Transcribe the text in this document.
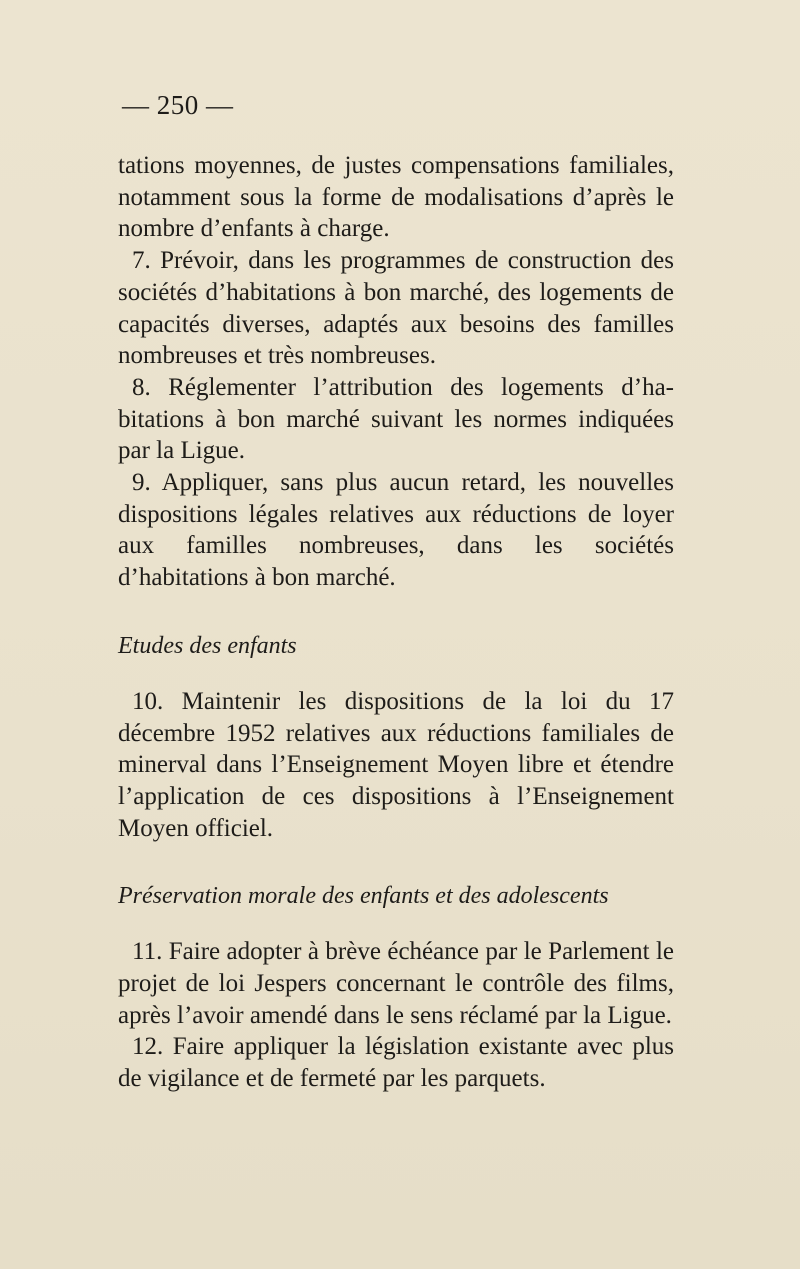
— 250 —

tations moyennes, de justes compensations familiales, notamment sous la forme de modalisations d’après le nombre d’enfants à charge.

7. Prévoir, dans les programmes de construction des sociétés d’habitations à bon marché, des logements de capacités diverses, adaptés aux besoins des familles nombreuses et très nombreuses.

8. Réglementer l’attribution des logements d’habitations à bon marché suivant les normes indiquées par la Ligue.

9. Appliquer, sans plus aucun retard, les nouvelles dispositions légales relatives aux réductions de loyer aux familles nombreuses, dans les sociétés d’habitations à bon marché.

Etudes des enfants

10. Maintenir les dispositions de la loi du 17 décembre 1952 relatives aux réductions familiales de minerval dans l’Enseignement Moyen libre et étendre l’application de ces dispositions à l’Enseignement Moyen officiel.

Préservation morale des enfants et des adolescents

11. Faire adopter à brève échéance par le Parlement le projet de loi Jespers concernant le contrôle des films, après l’avoir amendé dans le sens réclamé par la Ligue.

12. Faire appliquer la législation existante avec plus de vigilance et de fermeté par les parquets.
